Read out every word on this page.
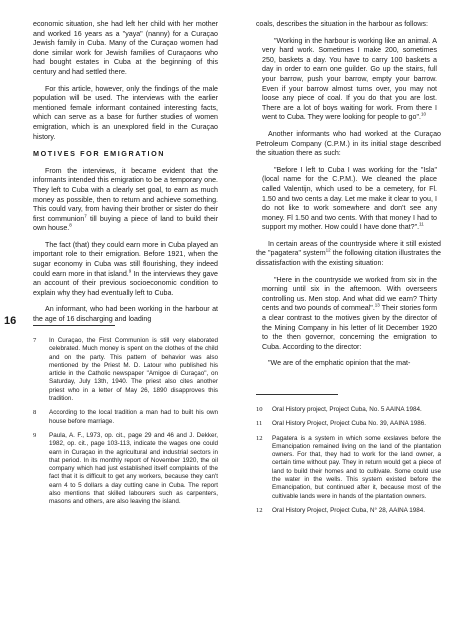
16

economic situation, she had left her child with her mother and worked 16 years as a "yaya" (nanny) for a Curaçao Jewish family in Cuba. Many of the Curaçao women had done similar work for Jewish families of Curaçaons who had bought estates in Cuba at the beginning of this century and had settled there.

For this article, however, only the findings of the male population will be used. The interviews with the earlier mentioned female informant contained interesting facts, which can serve as a base for further studies of women emigration, which is an unexplored field in the Curaçao history.

MOTIVES FOR EMIGRATION

From the interviews, it became evident that the informants intended this emigration to be a temporary one. They left to Cuba with a clearly set goal, to earn as much money as possible, then to return and achieve something. This could vary, from having their brother or sister do their first communion$^7$ till buying a piece of land to build their own house.$^8$

The fact (that) they could earn more in Cuba played an important role to their emigration. Before 1921, when the sugar economy in Cuba was still flourishing, they indeed could earn more in that island.$^9$ In the interviews they gave an account of their previous socioeconomic condition to explain why they had eventually left to Cuba.

An informant, who had been working in the harbour at the age of 16 discharging and loading

coals, describes the situation in the harbour as follows:

"Working in the harbour is working like an animal. A very hard work. Sometimes I make 200, sometimes 250, baskets a day. You have to carry 100 baskets a day in order to earn one guilder. Go up the stairs, full your barrow, push your barrow, empty your barrow. Even if your barrow almost turns over, you may not loose any piece of coal. If you do that you are lost. There are a lot of boys waiting for work. From there I went to Cuba. They were looking for people to go".$^{10}$

Another informants who had worked at the Curaçao Petroleum Company (C.P.M.) in its initial stage described the situation there as such:

"Before I left to Cuba I was working for the "Isla" (local name for the C.P.M.). We cleaned the place called Valentijn, which used to be a cemetery, for Fl. 1.50 and two cents a day. Let me make it clear to you, I do not like to work somewhere and don't see any money. Fl 1.50 and two cents. With that money I had to support my mother. How could I have done that?".$^{11}$

In certain areas of the countryside where it still existed the "pagatera" system$^{12}$ the following citation illustrates the dissatisfaction with the existing situation:

"Here in the countryside we worked from six in the morning until six in the afternoon. With overseers controlling us. Men stop. And what did we earn? Thirty cents and two pounds of cornmeal".$^{13}$ Their stories form a clear contrast to the motives given by the director of the Mining Company in his letter of lit December 1920 to the then governor, concerning the emigration to Cuba. According to the director:

"We are of the emphatic opinion that the mat-

7	In Curaçao, the First Communion is still very elaborated celebrated. Much money is spent on the clothes of the child and on the party. This pattern of behavior was also mentioned by the Priest M. D. Latour who published his article in the Catholic newspaper "Amigoe di Curaçao", on Saturday, July 13th, 1940. The priest also cites another priest who in a letter of May 26, 1890 disapproves this tradition.
8	According to the local tradition a man had to built his own house before marriage.
9	Paula, A. F., L973, op. cit., page 29 and 46 and J. Dekker, 1982, op. cit., page 103-113, indicate the wages one could earn in Curaçao in the agricultural and industrial sectors in that period. In its monthly report of November 1920, the oil company which had just established itself complaints of the fact that it is difficult to get any workers, because they can't earn 4 to 5 dollars a day cutting cane in Cuba. The report also mentions that skilled labourers such as carpenters, masons and others, are also leaving the island.
10	Oral History project, Project Cuba, No. 5 AAINA 1984.
11	Oral History Project, Project Cuba No. 39, AAINA 1986.
12	Pagatera is a system in which some exslaves before the Emancipation remained living on the land of the plantation owners. For that, they had to work for the land owner, a certain time without pay. They in return would get a piece of land to build their homes and to cultivate. Some could use the water in the wells. This system existed before the Emancipation, but continued after it, because most of the cultivable lands were in hands of the plantation owners.
12	Oral History Project, Project Cuba, N° 28, AAINA 1984.
